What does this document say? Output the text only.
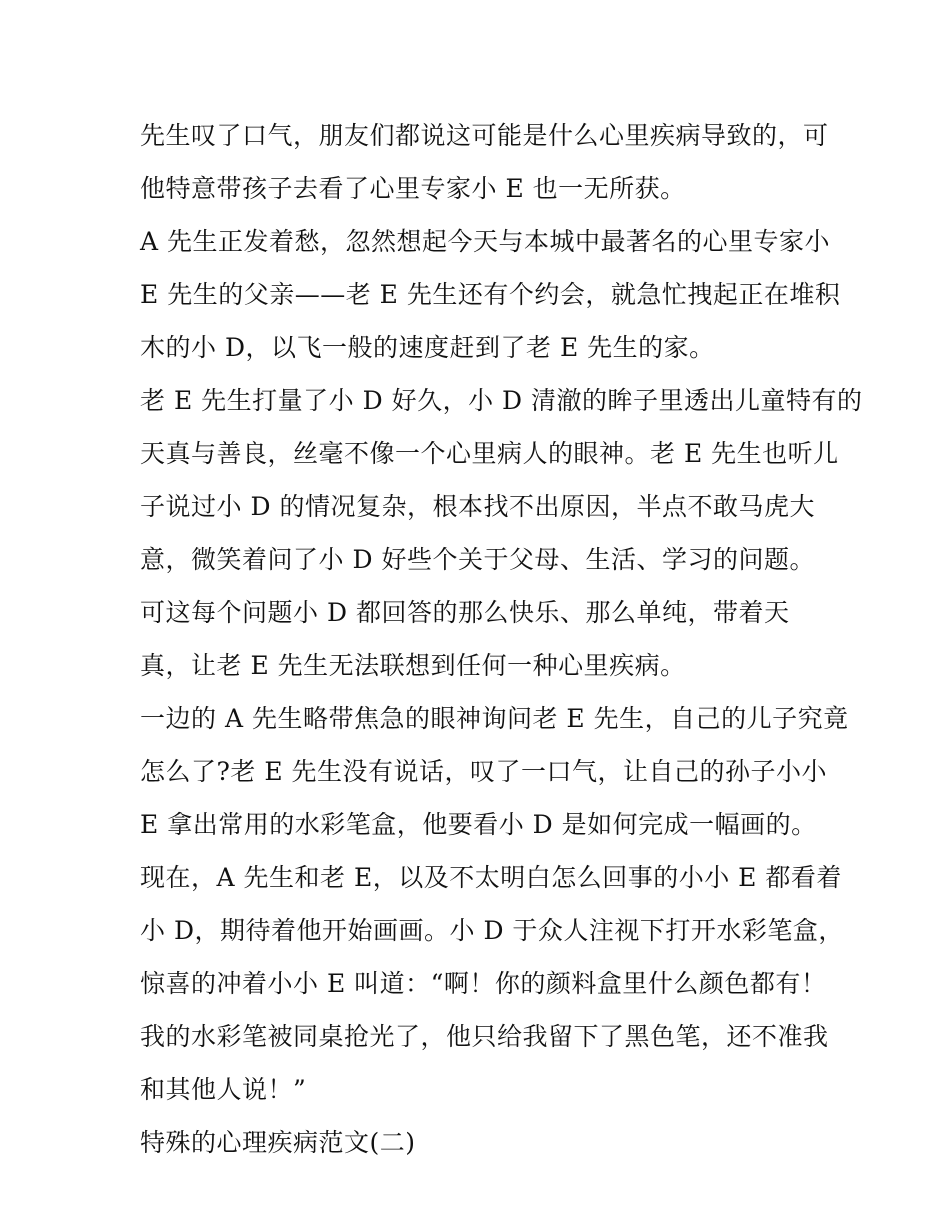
先生叹了口气，朋友们都说这可能是什么心里疾病导致的，可
他特意带孩子去看了心里专家小 E 也一无所获。
A 先生正发着愁，忽然想起今天与本城中最著名的心里专家小
E 先生的父亲——老 E 先生还有个约会，就急忙拽起正在堆积
木的小 D，以飞一般的速度赶到了老 E 先生的家。
老 E 先生打量了小 D 好久，小 D 清澈的眸子里透出儿童特有的
天真与善良，丝毫不像一个心里病人的眼神。老 E 先生也听儿
子说过小 D 的情况复杂，根本找不出原因，半点不敢马虎大
意，微笑着问了小 D 好些个关于父母、生活、学习的问题。
可这每个问题小 D 都回答的那么快乐、那么单纯，带着天
真，让老 E 先生无法联想到任何一种心里疾病。
一边的 A 先生略带焦急的眼神询问老 E 先生，自己的儿子究竟
怎么了?老 E 先生没有说话，叹了一口气，让自己的孙子小小
E 拿出常用的水彩笔盒，他要看小 D 是如何完成一幅画的。
现在，A 先生和老 E，以及不太明白怎么回事的小小 E 都看着
小 D，期待着他开始画画。小 D 于众人注视下打开水彩笔盒，
惊喜的冲着小小 E 叫道：“啊！你的颜料盒里什么颜色都有！
我的水彩笔被同桌抢光了，他只给我留下了黑色笔，还不准我
和其他人说！”
特殊的心理疾病范文(二)
